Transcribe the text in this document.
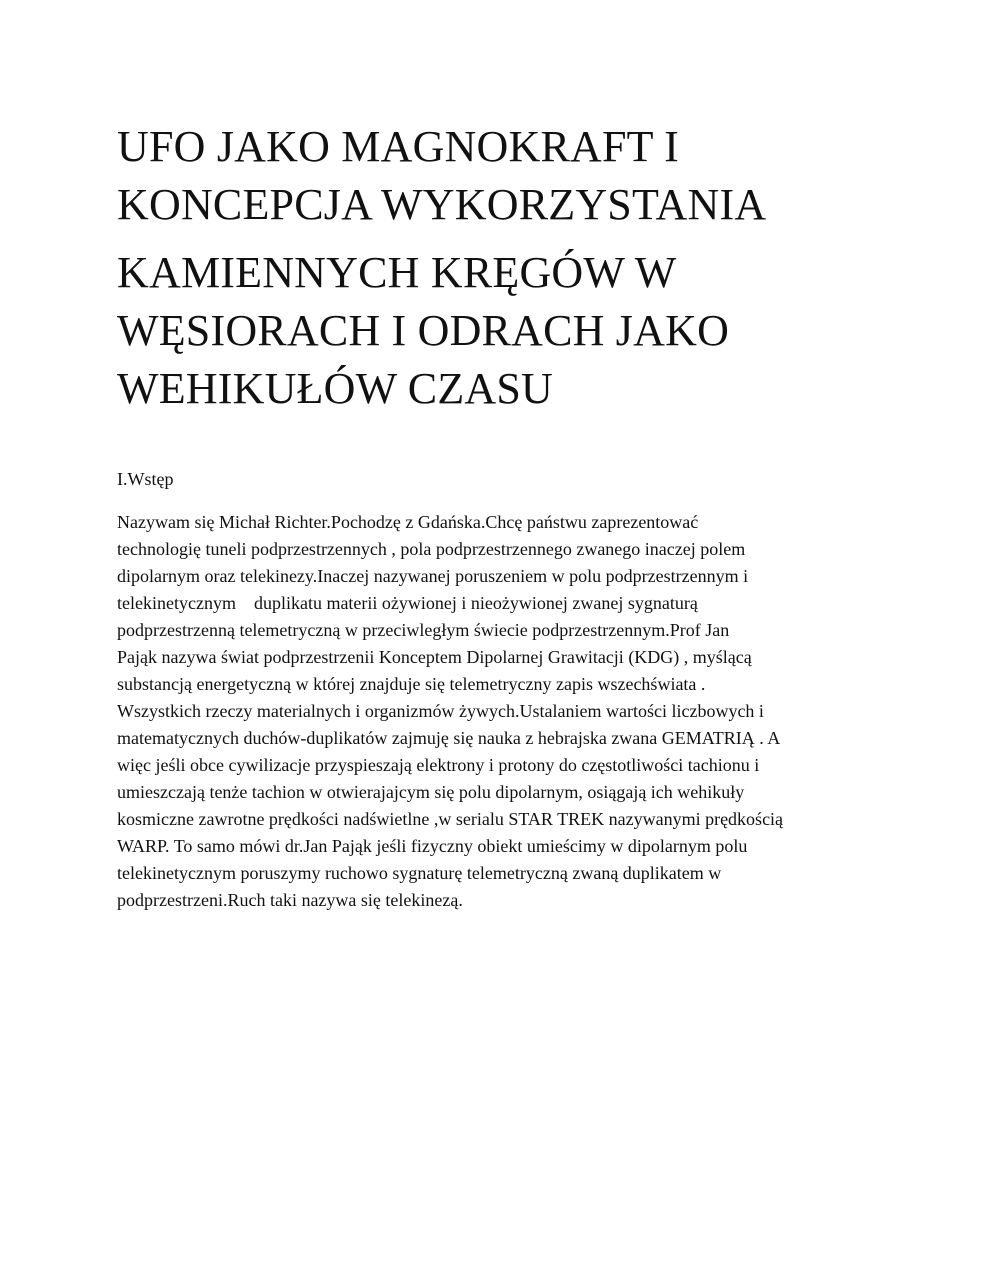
UFO JAKO MAGNOKRAFT I KONCEPCJA WYKORZYSTANIA
KAMIENNYCH KRĘGÓW W WĘSIORACH I ODRACH JAKO WEHIKUŁÓW CZASU
I.Wstęp

Nazywam się Michał Richter.Pochodzę z Gdańska.Chcę państwu zaprezentować
technologię tuneli podprzestrzennych , pola podprzestrzennego zwanego inaczej polem
dipolarnym oraz telekinezy.Inaczej nazywanej poruszeniem w polu podprzestrzennym i
telekinetycznym    duplikatu materii ożywionej i nieożywionej zwanej sygnaturą
podprzestrzenną telemetryczną w przeciwległym świecie podprzestrzennym.Prof Jan
Pająk nazywa świat podprzestrzenii Konceptem Dipolarnej Grawitacji (KDG) , myślącą
substancją energetyczną w której znajduje się telemetryczny zapis wszechświata .
Wszystkich rzeczy materialnych i organizmów żywych.Ustalaniem wartości liczbowych i
matematycznych duchów-duplikatów zajmuję się nauka z hebrajska zwana GEMATRIĄ . A
więc jeśli obce cywilizacje przyspieszają elektrony i protony do częstotliwości tachionu i
umieszczają tenże tachion w otwierajajcym się polu dipolarnym, osiągają ich wehikuły
kosmiczne zawrotne prędkości nadświetlne ,w serialu STAR TREK nazywanymi prędkością
WARP. To samo mówi dr.Jan Pająk jeśli fizyczny obiekt umieścimy w dipolarnym polu
telekinetycznym poruszymy ruchowo sygnaturę telemetryczną zwaną duplikatem w
podprzestrzeni.Ruch taki nazywa się telekinezą.
